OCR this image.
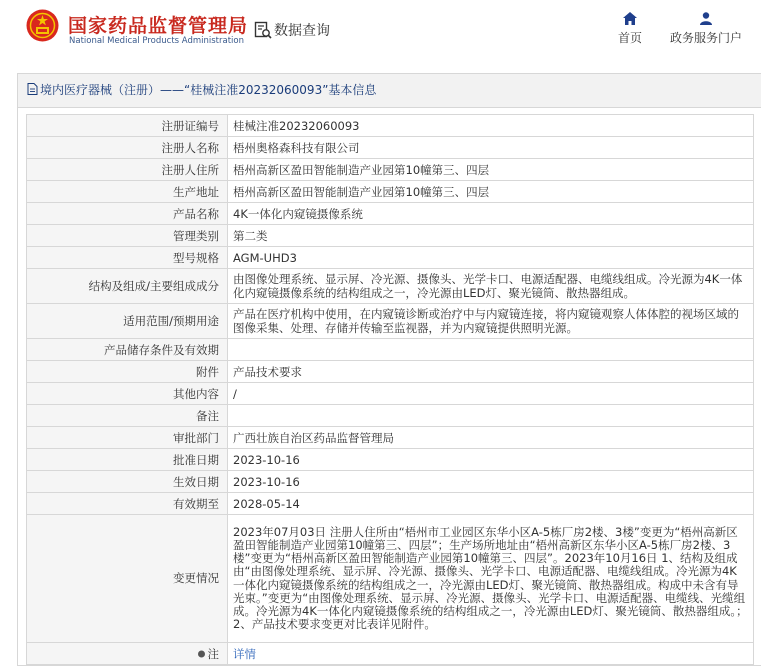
国家药品监督管理局
National Medical Products Administration
数据查询	首页	政务服务门户
境内医疗器械（注册）——“桂械注准20232060093”基本信息
注册证编号	桂械注准20232060093
注册人名称	梧州奥格森科技有限公司
注册人住所	梧州高新区盈田智能制造产业园第10幢第三、四层
生产地址	梧州高新区盈田智能制造产业园第10幢第三、四层
产品名称	4K一体化内窥镜摄像系统
管理类别	第二类
型号规格	AGM-UHD3
结构及组成/主要组成成分	由图像处理系统、显示屏、冷光源、摄像头、光学卡口、电源适配器、电缆线组成。冷光源为4K一体化内窥镜摄像系统的结构组成之一，冷光源由LED灯、聚光镜筒、散热器组成。
适用范围/预期用途	产品在医疗机构中使用，在内窥镜诊断或治疗中与内窥镜连接，将内窥镜观察人体体腔的视场区域的图像采集、处理、存储并传输至监视器，并为内窥镜提供照明光源。
产品储存条件及有效期	
附件	产品技术要求
其他内容	/
备注	
审批部门	广西壮族自治区药品监督管理局
批准日期	2023-10-16
生效日期	2023-10-16
有效期至	2028-05-14
变更情况	2023年07月03日 注册人住所由“梧州市工业园区东华小区A-5栋厂房2楼、3楼”变更为“梧州高新区盈田智能制造产业园第10幢第三、四层”；生产场所地址由“梧州高新区东华小区A-5栋厂房2楼、3楼”变更为“梧州高新区盈田智能制造产业园第10幢第三、四层”。2023年10月16日 1、结构及组成由“由图像处理系统、显示屏、冷光源、摄像头、光学卡口、电源适配器、电缆线组成。冷光源为4K一体化内窥镜摄像系统的结构组成之一，冷光源由LED灯、聚光镜筒、散热器组成。构成中未含有导光束。”变更为“由图像处理系统、显示屏、冷光源、摄像头、光学卡口、电源适配器、电缆线、光缆组成。冷光源为4K一体化内窥镜摄像系统的结构组成之一，冷光源由LED灯、聚光镜筒、散热器组成。；2、产品技术要求变更对比表详见附件。
注	详情
